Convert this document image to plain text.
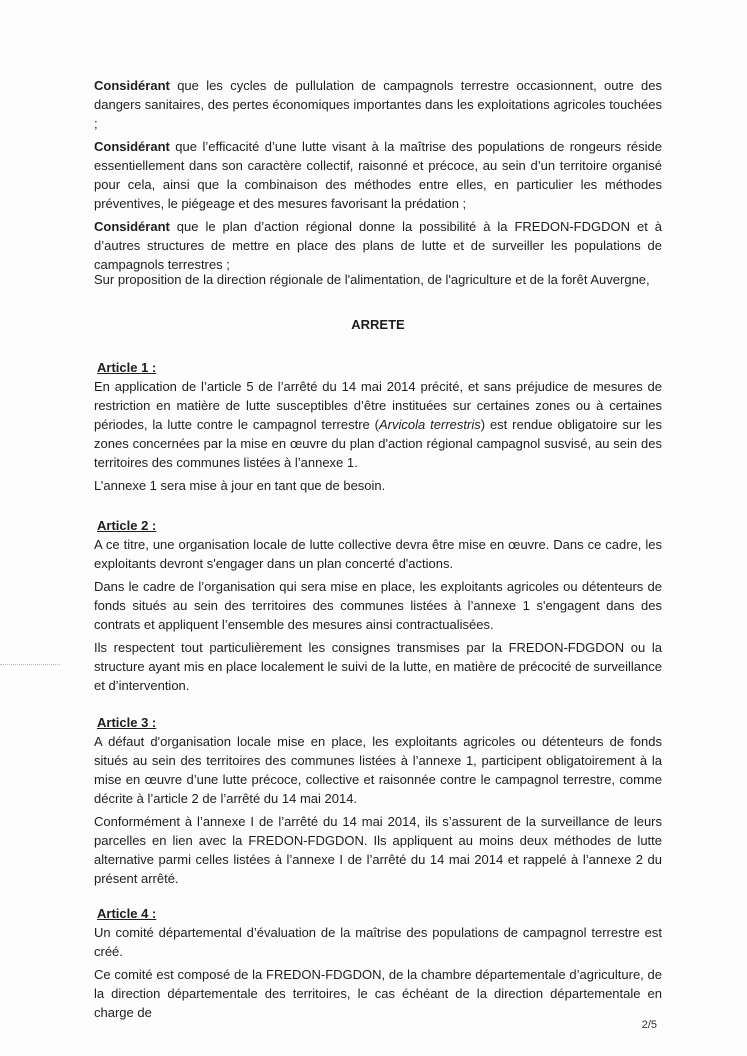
Considérant que les cycles de pullulation de campagnols terrestre occasionnent, outre des dangers sanitaires, des pertes économiques importantes dans les exploitations agricoles touchées ;

Considérant que l’efficacité d’une lutte visant à la maîtrise des populations de rongeurs réside essentiellement dans son caractère collectif, raisonné et précoce, au sein d’un territoire organisé pour cela, ainsi que la combinaison des méthodes entre elles, en particulier les méthodes préventives, le piégeage et des mesures favorisant la prédation ;

Considérant que le plan d’action régional donne la possibilité à la FREDON-FDGDON et à d’autres structures de mettre en place des plans de lutte et de surveiller les populations de campagnols terrestres ;

Sur proposition de la direction régionale de l'alimentation, de l'agriculture et de la forêt Auvergne,

ARRETE

Article 1 :

En application de l’article 5 de l’arrêté du 14 mai 2014 précité, et sans préjudice de mesures de restriction en matière de lutte susceptibles d’être instituées sur certaines zones ou à certaines périodes, la lutte contre le campagnol terrestre (Arvicola terrestris) est rendue obligatoire sur les zones concernées par la mise en œuvre du plan d'action régional campagnol susvisé, au sein des territoires des communes listées à l’annexe 1.

L’annexe 1 sera mise à jour en tant que de besoin.

Article 2 :

A ce titre, une organisation locale de lutte collective devra être mise en œuvre. Dans ce cadre, les exploitants devront s'engager dans un plan concerté d'actions.

Dans le cadre de l’organisation qui sera mise en place, les exploitants agricoles ou détenteurs de fonds situés au sein des territoires des communes listées à l’annexe 1 s'engagent dans des contrats et appliquent l’ensemble des mesures ainsi contractualisées.

Ils respectent tout particulièrement les consignes transmises par la FREDON-FDGDON ou la structure ayant mis en place localement le suivi de la lutte, en matière de précocité de surveillance et d’intervention.

Article 3 :

A défaut d'organisation locale mise en place, les exploitants agricoles ou détenteurs de fonds situés au sein des territoires des communes listées à l’annexe 1, participent obligatoirement à la mise en œuvre d’une lutte précoce, collective et raisonnée contre le campagnol terrestre, comme décrite à l’article 2 de l’arrêté du 14 mai 2014.

Conformément à l’annexe I de l’arrêté du 14 mai 2014, ils s’assurent de la surveillance de leurs parcelles en lien avec la FREDON-FDGDON. Ils appliquent au moins deux méthodes de lutte alternative parmi celles listées à l’annexe I de l’arrêté du 14 mai 2014 et rappelé à l’annexe 2 du présent arrêté.

Article 4 :

Un comité départemental d’évaluation de la maîtrise des populations de campagnol terrestre est créé.

Ce comité est composé de la FREDON-FDGDON, de la chambre départementale d’agriculture, de la direction départementale des territoires, le cas échéant de la direction départementale en charge de

2/5
